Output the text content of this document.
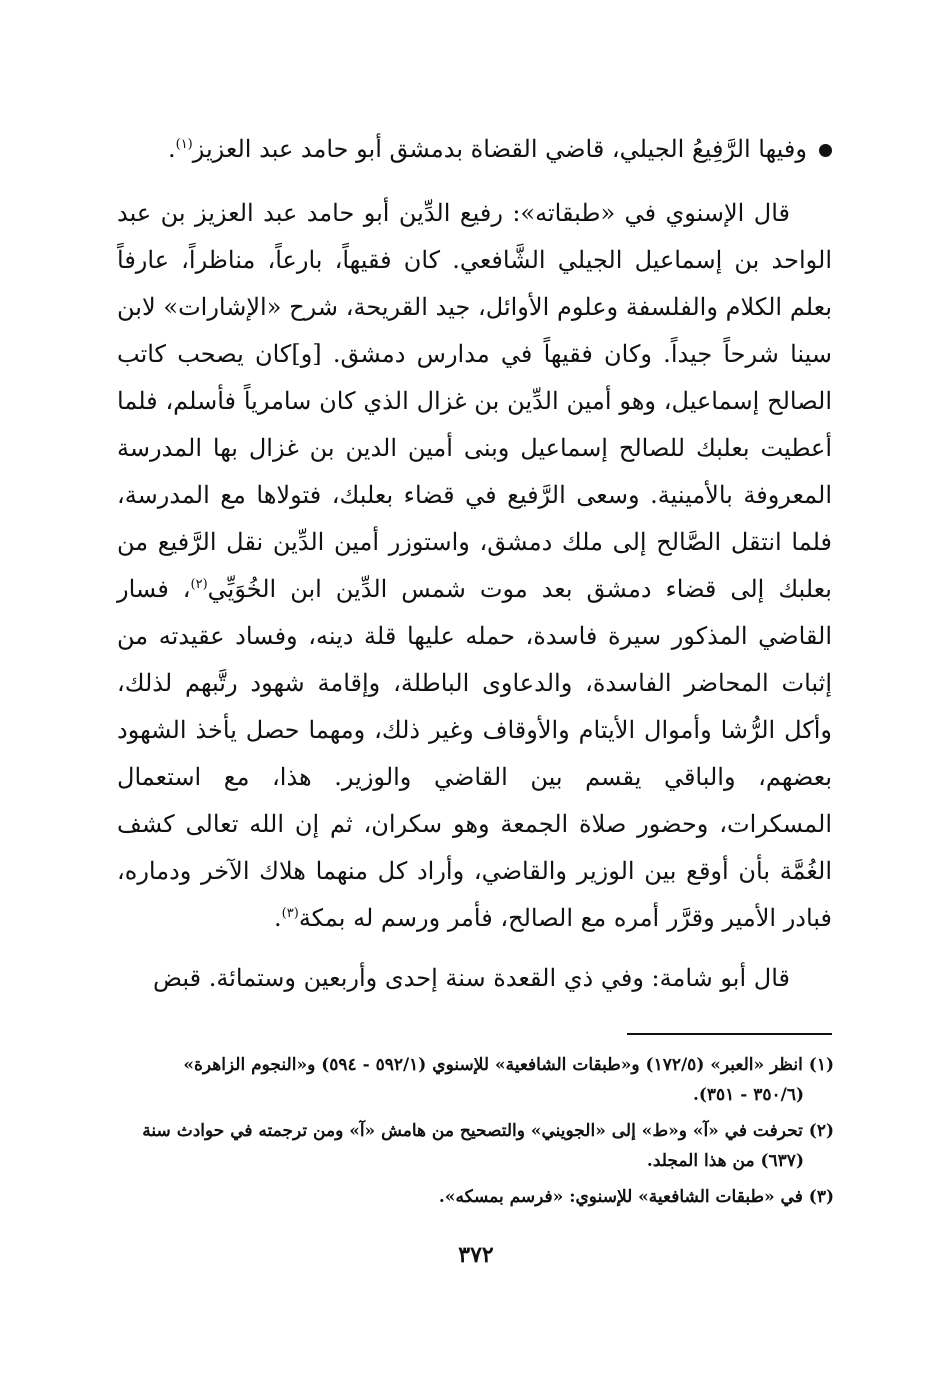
وفيها الرَّفِيعُ الجيلي، قاضي القضاة بدمشق أبو حامد عبد العزيز$^{(١)}$.
قال الإسنوي في «طبقاته»: رفيع الدِّين أبو حامد عبد العزيز بن عبد الواحد بن إسماعيل الجيلي الشَّافعي. كان فقيهاً، بارعاً، مناظراً، عارفاً بعلم الكلام والفلسفة وعلوم الأوائل، جيد القريحة، شرح «الإشارات» لابن سينا شرحاً جيداً. وكان فقيهاً في مدارس دمشق. [و]كان يصحب كاتب الصالح إسماعيل، وهو أمين الدِّين بن غزال الذي كان سامرياً فأسلم، فلما أعطيت بعلبك للصالح إسماعيل وبنى أمين الدين بن غزال بها المدرسة المعروفة بالأمينية. وسعى الرَّفيع في قضاء بعلبك، فتولاها مع المدرسة، فلما انتقل الصَّالح إلى ملك دمشق، واستوزر أمين الدِّين نقل الرَّفيع من بعلبك إلى قضاء دمشق بعد موت شمس الدِّين ابن الخُوَيِّي$^{(٢)}$، فسار القاضي المذكور سيرة فاسدة، حمله عليها قلة دينه، وفساد عقيدته من إثبات المحاضر الفاسدة، والدعاوى الباطلة، وإقامة شهود رتَّبهم لذلك، وأكل الرُّشا وأموال الأيتام والأوقاف وغير ذلك، ومهما حصل يأخذ الشهود بعضهم، والباقي يقسم بين القاضي والوزير. هذا، مع استعمال المسكرات، وحضور صلاة الجمعة وهو سكران، ثم إن الله تعالى كشف الغُمَّة بأن أوقع بين الوزير والقاضي، وأراد كل منهما هلاك الآخر ودماره، فبادر الأمير وقرَّر أمره مع الصالح، فأمر ورسم له بمكة$^{(٣)}$.
قال أبو شامة: وفي ذي القعدة سنة إحدى وأربعين وستمائة. قبض
(١) انظر «العبر» (١٧٢/٥) و«طبقات الشافعية» للإسنوي (٥٩٢/١ - ٥٩٤) و«النجوم الزاهرة»
(٣٥٠/٦ - ٣٥١).
(٢) تحرفت في «آ» و«ط» إلى «الجويني» والتصحيح من هامش «آ» ومن ترجمته في حوادث سنة
(٦٣٧) من هذا المجلد.
(٣) في «طبقات الشافعية» للإسنوي: «فرسم بمسكه».
٣٧٢
